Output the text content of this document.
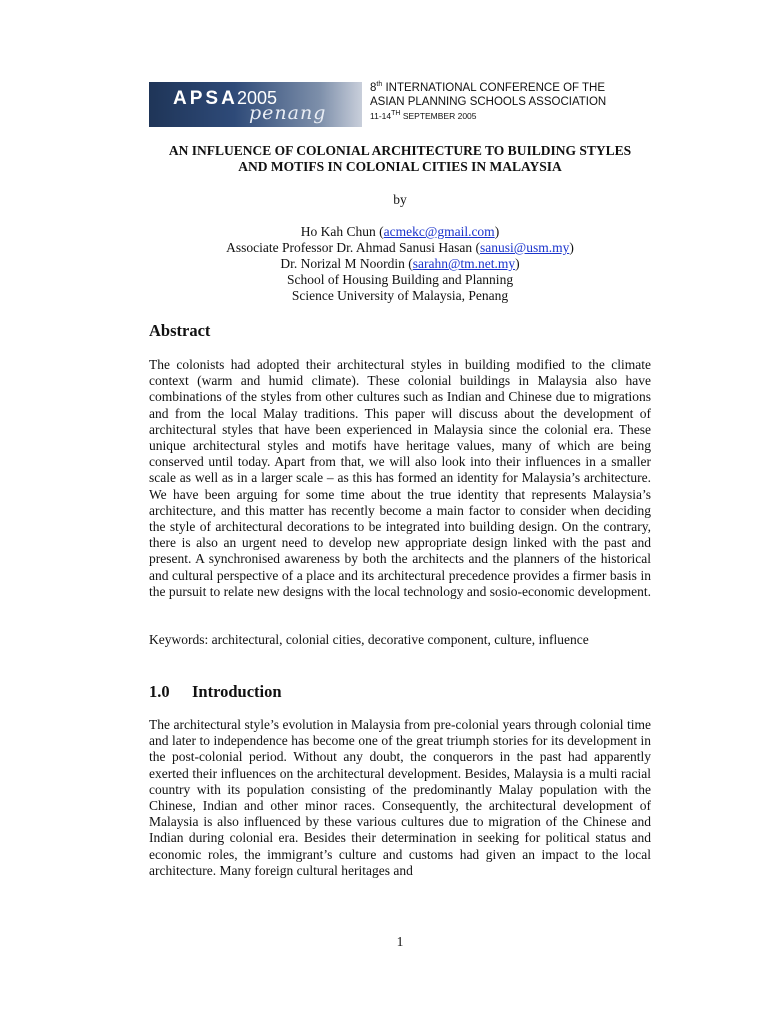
APSA 2005
penang
8th INTERNATIONAL CONFERENCE OF THE
ASIAN PLANNING SCHOOLS ASSOCIATION
11-14TH SEPTEMBER 2005
AN INFLUENCE OF COLONIAL ARCHITECTURE TO BUILDING STYLES
AND MOTIFS IN COLONIAL CITIES IN MALAYSIA
by
Ho Kah Chun (acmekc@gmail.com)
Associate Professor Dr. Ahmad Sanusi Hasan (sanusi@usm.my)
Dr. Norizal M Noordin (sarahn@tm.net.my)
School of Housing Building and Planning
Science University of Malaysia, Penang
Abstract

The colonists had adopted their architectural styles in building modified to the climate context (warm and humid climate). These colonial buildings in Malaysia also have combinations of the styles from other cultures such as Indian and Chinese due to migrations and from the local Malay traditions. This paper will discuss about the development of architectural styles that have been experienced in Malaysia since the colonial era. These unique architectural styles and motifs have heritage values, many of which are being conserved until today. Apart from that, we will also look into their influences in a smaller scale as well as in a larger scale – as this has formed an identity for Malaysia’s architecture. We have been arguing for some time about the true identity that represents Malaysia’s architecture, and this matter has recently become a main factor to consider when deciding the style of architectural decorations to be integrated into building design. On the contrary, there is also an urgent need to develop new appropriate design linked with the past and present. A synchronised awareness by both the architects and the planners of the historical and cultural perspective of a place and its architectural precedence provides a firmer basis in the pursuit to relate new designs with the local technology and sosio-economic development.

Keywords: architectural, colonial cities, decorative component, culture, influence

1.0 Introduction

The architectural style’s evolution in Malaysia from pre-colonial years through colonial time and later to independence has become one of the great triumph stories for its development in the post-colonial period. Without any doubt, the conquerors in the past had apparently exerted their influences on the architectural development. Besides, Malaysia is a multi racial country with its population consisting of the predominantly Malay population with the Chinese, Indian and other minor races. Consequently, the architectural development of Malaysia is also influenced by these various cultures due to migration of the Chinese and Indian during colonial era. Besides their determination in seeking for political status and economic roles, the immigrant’s culture and customs had given an impact to the local architecture. Many foreign cultural heritages and

1
